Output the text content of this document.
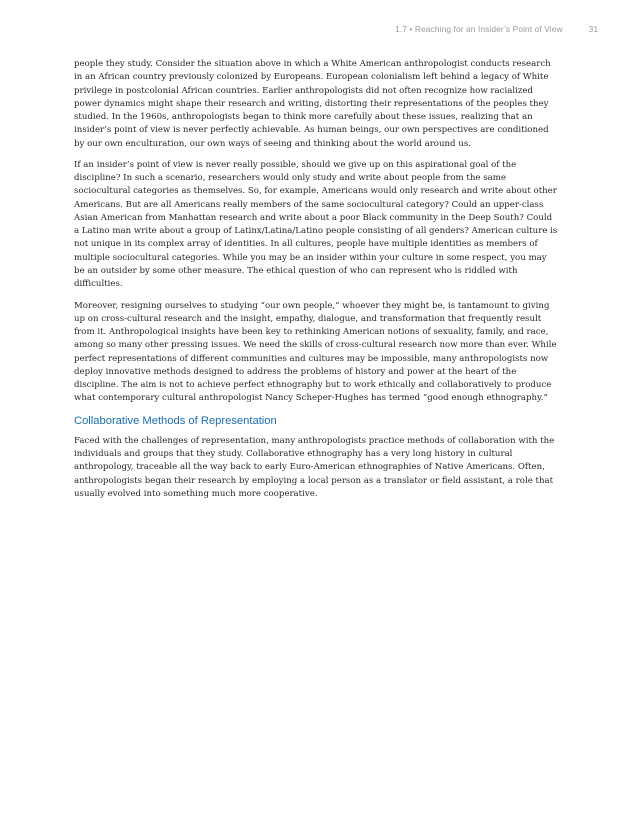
1.7 • Reaching for an Insider’s Point of View	31

people they study. Consider the situation above in which a White American anthropologist conducts research in an African country previously colonized by Europeans. European colonialism left behind a legacy of White privilege in postcolonial African countries. Earlier anthropologists did not often recognize how racialized power dynamics might shape their research and writing, distorting their representations of the peoples they studied. In the 1960s, anthropologists began to think more carefully about these issues, realizing that an insider’s point of view is never perfectly achievable. As human beings, our own perspectives are conditioned by our own enculturation, our own ways of seeing and thinking about the world around us.

If an insider’s point of view is never really possible, should we give up on this aspirational goal of the discipline? In such a scenario, researchers would only study and write about people from the same sociocultural categories as themselves. So, for example, Americans would only research and write about other Americans. But are all Americans really members of the same sociocultural category? Could an upper-class Asian American from Manhattan research and write about a poor Black community in the Deep South? Could a Latino man write about a group of Latinx/Latina/Latino people consisting of all genders? American culture is not unique in its complex array of identities. In all cultures, people have multiple identities as members of multiple sociocultural categories. While you may be an insider within your culture in some respect, you may be an outsider by some other measure. The ethical question of who can represent who is riddled with difficulties.

Moreover, resigning ourselves to studying “our own people,” whoever they might be, is tantamount to giving up on cross-cultural research and the insight, empathy, dialogue, and transformation that frequently result from it. Anthropological insights have been key to rethinking American notions of sexuality, family, and race, among so many other pressing issues. We need the skills of cross-cultural research now more than ever. While perfect representations of different communities and cultures may be impossible, many anthropologists now deploy innovative methods designed to address the problems of history and power at the heart of the discipline. The aim is not to achieve perfect ethnography but to work ethically and collaboratively to produce what contemporary cultural anthropologist Nancy Scheper-Hughes has termed “good enough ethnography.”

Collaborative Methods of Representation

Faced with the challenges of representation, many anthropologists practice methods of collaboration with the individuals and groups that they study. Collaborative ethnography has a very long history in cultural anthropology, traceable all the way back to early Euro-American ethnographies of Native Americans. Often, anthropologists began their research by employing a local person as a translator or field assistant, a role that usually evolved into something much more cooperative.
